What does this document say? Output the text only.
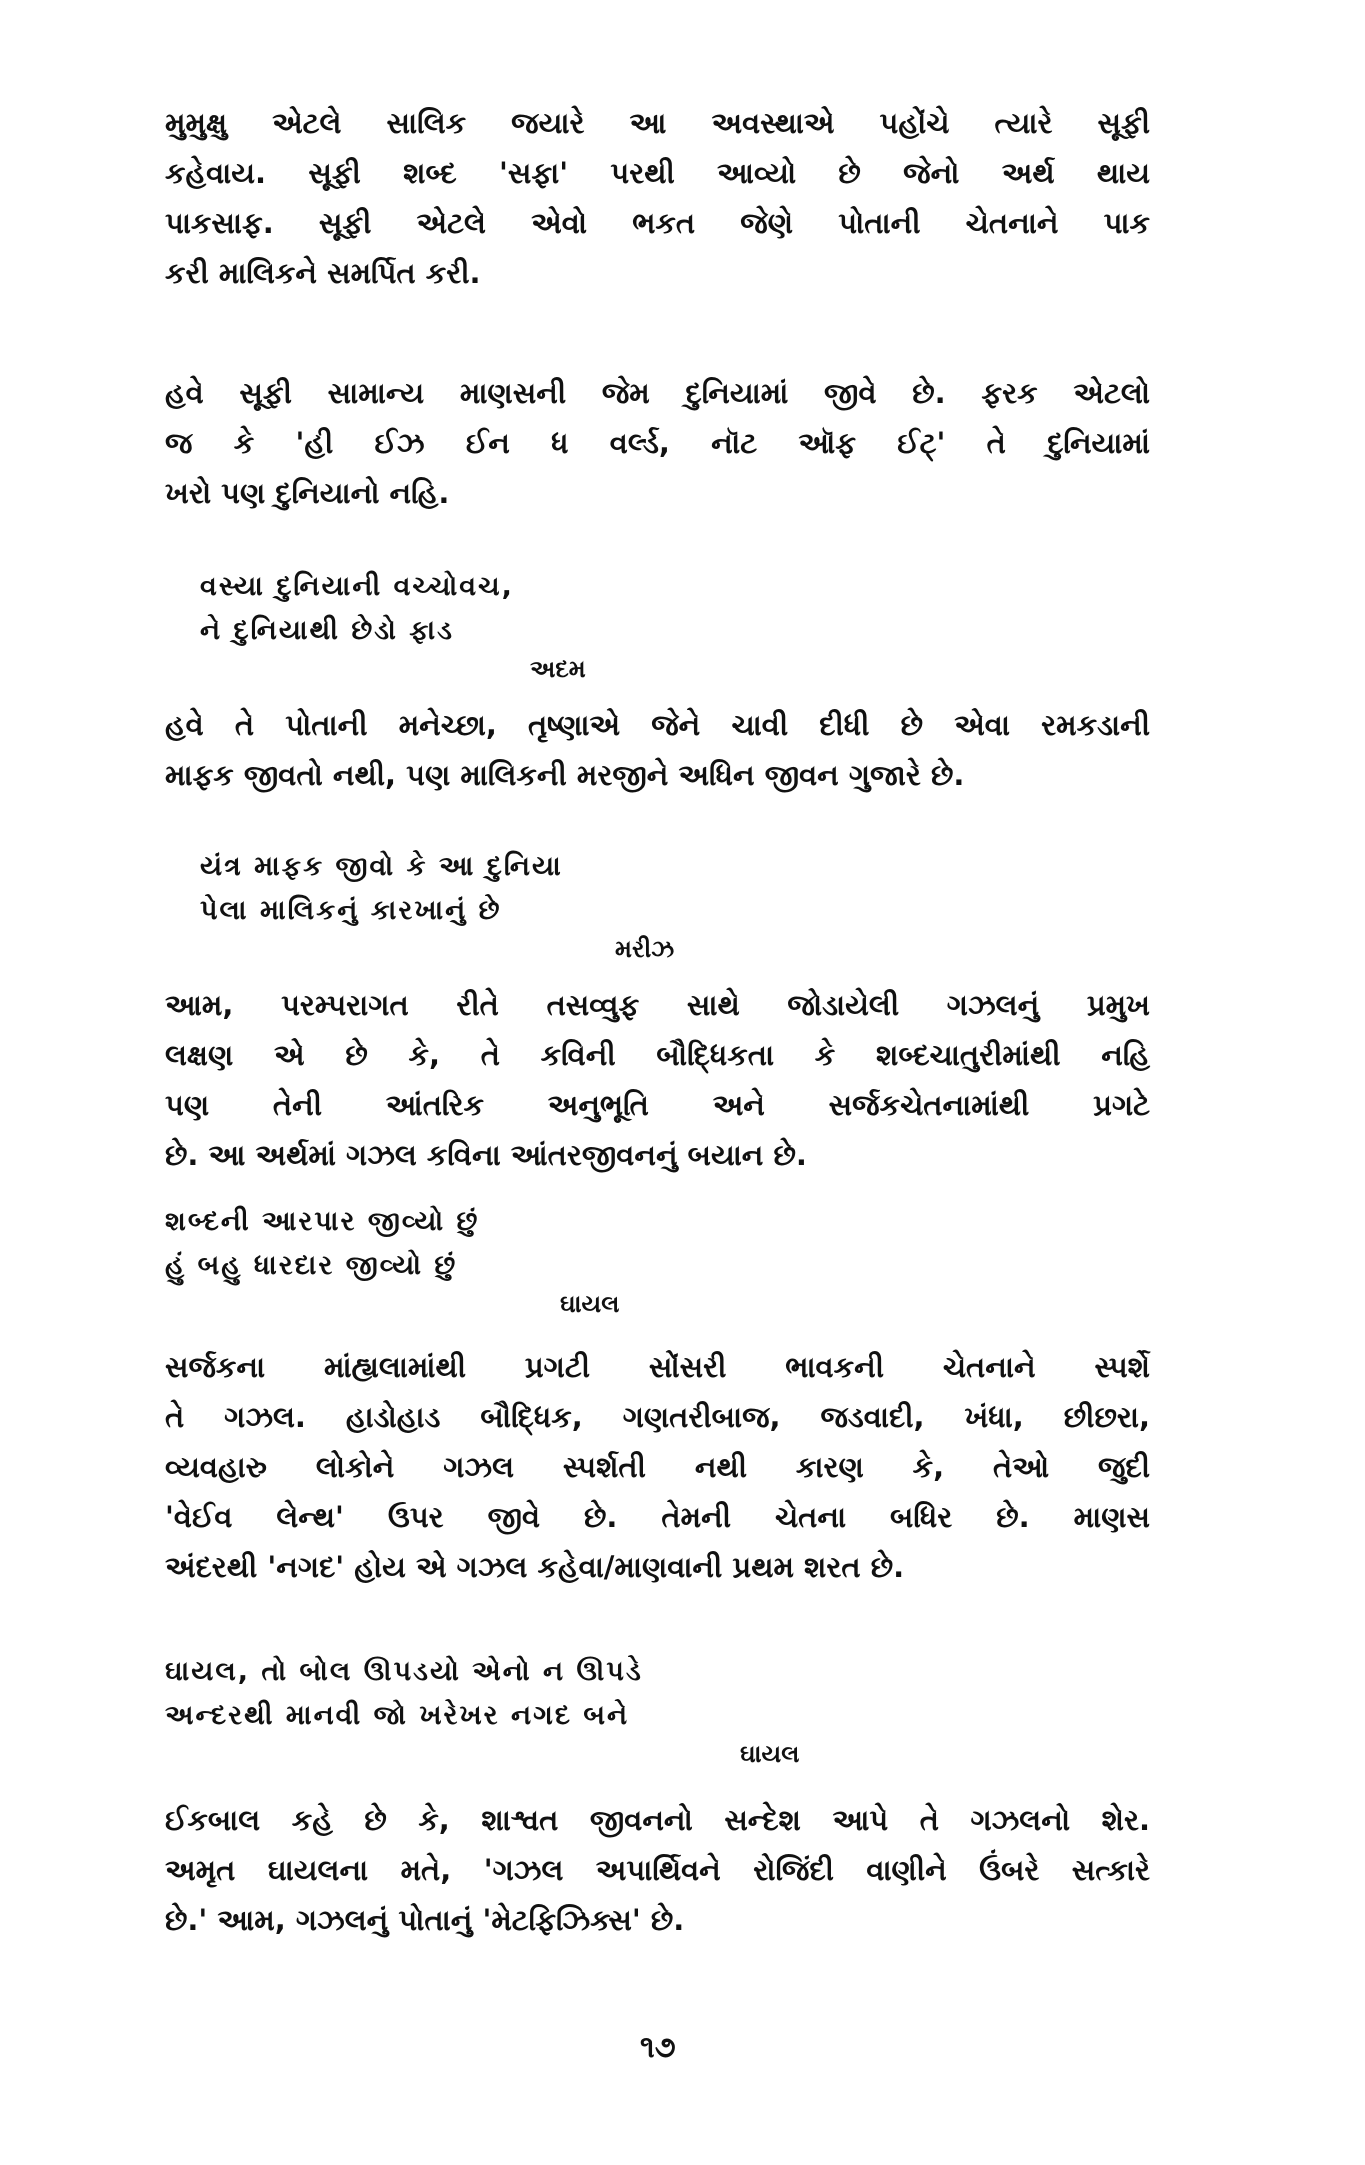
મુમુક્ષુ એટલે સાલિક જયારે આ અવસ્થાએ પહોંચે ત્યારે સૂફી
કહેવાય. સૂફી શબ્દ 'સફા' પરથી આવ્યો છે જેનો અર્થ થાય
પાકસાફ. સૂફી એટલે એવો ભકત જેણે પોતાની ચેતનાને પાક
કરી માલિકને સમર્પિત કરી.
હવે સૂફી સામાન્ય માણસની જેમ દુનિયામાં જીવે છે. ફરક એટલો
જ કે 'હી ઈઝ ઈન ધ વર્લ્ડ, નૉટ ઑફ ઈટ્' તે દુનિયામાં
ખરો પણ દુનિયાનો નહિ.
વસ્યા દુનિયાની વચ્ચોવચ,
ને દુનિયાથી છેડો ફાડ
અદમ
હવે તે પોતાની મનેચ્છા, તૃષ્ણાએ જેને ચાવી દીધી છે એવા રમકડાની
માફક જીવતો નથી, પણ માલિકની મરજીને અધિન જીવન ગુજારે છે.
યંત્ર માફક જીવો કે આ દુનિયા
પેલા માલિકનું કારખાનું છે
મરીઝ
આમ, પરમ્પરાગત રીતે તસવ્વુફ સાથે જોડાયેલી ગઝલનું પ્રમુખ
લક્ષણ એ છે કે, તે કવિની બૌદ્ધિકતા કે શબ્દચાતુરીમાંથી નહિ
પણ તેની આંતરિક અનુભૂતિ અને સર્જકચેતનામાંથી પ્રગટે
છે. આ અર્થમાં ગઝલ કવિના આંતરજીવનનું બયાન છે.
શબ્દની આરપાર જીવ્યો છું
હું બહુ ધારદાર જીવ્યો છું
ઘાયલ
સર્જકના માંહ્યલામાંથી પ્રગટી સોંસરી ભાવકની ચેતનાને સ્પર્શે
તે ગઝલ. હાડોહાડ બૌદ્ધિક, ગણતરીબાજ, જડવાદી, ખંધા, છીછરા,
વ્યવહારુ લોકોને ગઝલ સ્પર્શતી નથી કારણ કે, તેઓ જુદી
'વેઈવ લેન્થ' ઉપર જીવે છે. તેમની ચેતના બધિર છે. માણસ
અંદરથી 'નગદ' હોય એ ગઝલ કહેવા/માણવાની પ્રથમ શરત છે.
ઘાયલ, તો બોલ ઊપડયો એનો ન ઊપડે
અન્દરથી માનવી જો ખરેખર નગદ બને
ઘાયલ
ઈકબાલ કહે છે કે, શાશ્વત જીવનનો સન્દેશ આપે તે ગઝલનો શેર.
અમૃત ઘાયલના મતે, 'ગઝલ અપાર્થિવને રોજિંદી વાણીને ઉંબરે સત્કારે
છે.' આમ, ગઝલનું પોતાનું 'મેટફિઝિક્સ' છે.
૧૭
